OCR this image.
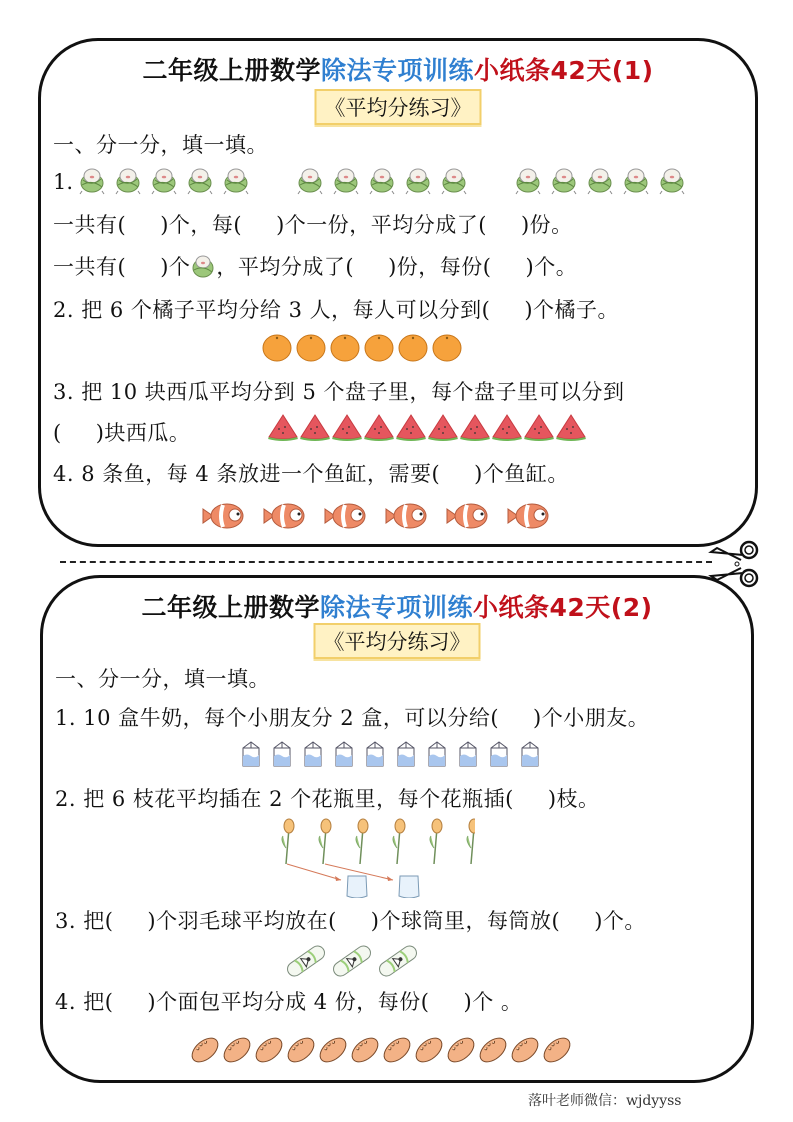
二年级上册数学除法专项训练小纸条42天(1)
《平均分练习》
一、分一分，填一填。
1.
一共有( )个，每( )个一份，平均分成了( )份。
一共有( )个 ，平均分成了( )份，每份( )个。
2. 把 6 个橘子平均分给 3 人，每人可以分到( )个橘子。
3. 把 10 块西瓜平均分到 5 个盘子里，每个盘子里可以分到
( )块西瓜。
4. 8 条鱼，每 4 条放进一个鱼缸，需要( )个鱼缸。
二年级上册数学除法专项训练小纸条42天(2)
《平均分练习》
一、分一分，填一填。
1. 10 盒牛奶，每个小朋友分 2 盒，可以分给( )个小朋友。
2. 把 6 枝花平均插在 2 个花瓶里，每个花瓶插( )枝。
3. 把( )个羽毛球平均放在( )个球筒里，每筒放( )个。
4. 把( )个面包平均分成 4 份，每份( )个 。
落叶老师微信：wjdyyss
